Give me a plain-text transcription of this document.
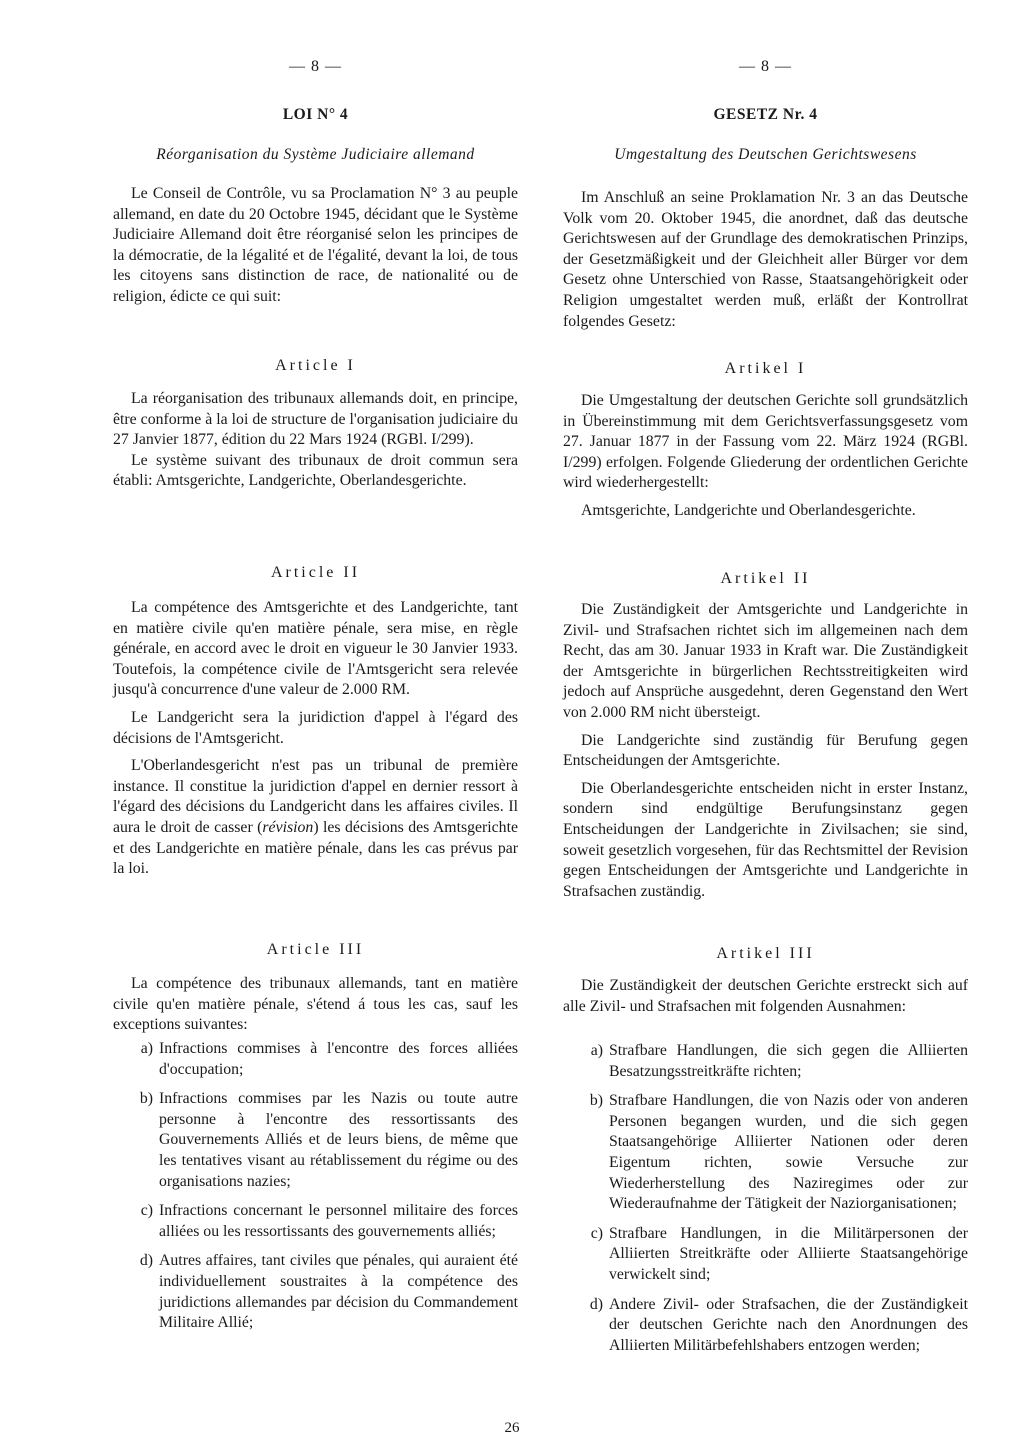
— 8 —
LOI N° 4
Réorganisation du Système Judiciaire allemand

Le Conseil de Contrôle, vu sa Proclamation N° 3 au peuple allemand, en date du 20 Octobre 1945, décidant que le Système Judiciaire Allemand doit être réorganisé selon les principes de la démocratie, de la légalité et de l'égalité, devant la loi, de tous les citoyens sans distinction de race, de nationalité ou de religion, édicte ce qui suit:

Article I

La réorganisation des tribunaux allemands doit, en principe, être conforme à la loi de structure de l'organisation judiciaire du 27 Janvier 1877, édition du 22 Mars 1924 (RGBl. I/299).

Le système suivant des tribunaux de droit commun sera établi: Amtsgerichte, Landgerichte, Oberlandesgerichte.

Article II

La compétence des Amtsgerichte et des Landgerichte, tant en matière civile qu'en matière pénale, sera mise, en règle générale, en accord avec le droit en vigueur le 30 Janvier 1933. Toutefois, la compétence civile de l'Amtsgericht sera relevée jusqu'à concurrence d'une valeur de 2.000 RM.

Le Landgericht sera la juridiction d'appel à l'égard des décisions de l'Amtsgericht.

L'Oberlandesgericht n'est pas un tribunal de première instance. Il constitue la juridiction d'appel en dernier ressort à l'égard des décisions du Landgericht dans les affaires civiles. Il aura le droit de casser (révision) les décisions des Amtsgerichte et des Landgerichte en matière pénale, dans les cas prévus par la loi.

Article III

La compétence des tribunaux allemands, tant en matière civile qu'en matière pénale, s'étend á tous les cas, sauf les exceptions suivantes:

a) Infractions commises à l'encontre des forces alliées d'occupation;
b) Infractions commises par les Nazis ou toute autre personne à l'encontre des ressortissants des Gouvernements Alliés et de leurs biens, de même que les tentatives visant au rétablissement du régime ou des organisations nazies;
c) Infractions concernant le personnel militaire des forces alliées ou les ressortissants des gouvernements alliés;
d) Autres affaires, tant civiles que pénales, qui auraient été individuellement soustraites à la compétence des juridictions allemandes par décision du Commandement Militaire Allié;
— 8 —
GESETZ Nr. 4
Umgestaltung des Deutschen Gerichtswesens

Im Anschluß an seine Proklamation Nr. 3 an das Deutsche Volk vom 20. Oktober 1945, die anordnet, daß das deutsche Gerichtswesen auf der Grundlage des demokratischen Prinzips, der Gesetzmäßigkeit und der Gleichheit aller Bürger vor dem Gesetz ohne Unterschied von Rasse, Staatsangehörigkeit oder Religion umgestaltet werden muß, erläßt der Kontrollrat folgendes Gesetz:

Artikel I

Die Umgestaltung der deutschen Gerichte soll grundsätzlich in Übereinstimmung mit dem Gerichtsverfassungsgesetz vom 27. Januar 1877 in der Fassung vom 22. März 1924 (RGBl. I/299) erfolgen. Folgende Gliederung der ordentlichen Gerichte wird wiederhergestellt:

Amtsgerichte, Landgerichte und Oberlandesgerichte.

Artikel II

Die Zuständigkeit der Amtsgerichte und Landgerichte in Zivil- und Strafsachen richtet sich im allgemeinen nach dem Recht, das am 30. Januar 1933 in Kraft war. Die Zuständigkeit der Amtsgerichte in bürgerlichen Rechtsstreitigkeiten wird jedoch auf Ansprüche ausgedehnt, deren Gegenstand den Wert von 2.000 RM nicht übersteigt.

Die Landgerichte sind zuständig für Berufung gegen Entscheidungen der Amtsgerichte.

Die Oberlandesgerichte entscheiden nicht in erster Instanz, sondern sind endgültige Berufungsinstanz gegen Entscheidungen der Landgerichte in Zivilsachen; sie sind, soweit gesetzlich vorgesehen, für das Rechtsmittel der Revision gegen Entscheidungen der Amtsgerichte und Landgerichte in Strafsachen zuständig.

Artikel III

Die Zuständigkeit der deutschen Gerichte erstreckt sich auf alle Zivil- und Strafsachen mit folgenden Ausnahmen:

a) Strafbare Handlungen, die sich gegen die Alliierten Besatzungsstreitkräfte richten;
b) Strafbare Handlungen, die von Nazis oder von anderen Personen begangen wurden, und die sich gegen Staatsangehörige Alliierter Nationen oder deren Eigentum richten, sowie Versuche zur Wiederherstellung des Naziregimes oder zur Wiederaufnahme der Tätigkeit der Naziorganisationen;
c) Strafbare Handlungen, in die Militärpersonen der Alliierten Streitkräfte oder Alliierte Staatsangehörige verwickelt sind;
d) Andere Zivil- oder Strafsachen, die der Zuständigkeit der deutschen Gerichte nach den Anordnungen des Alliierten Militärbefehlshabers entzogen werden;
26
